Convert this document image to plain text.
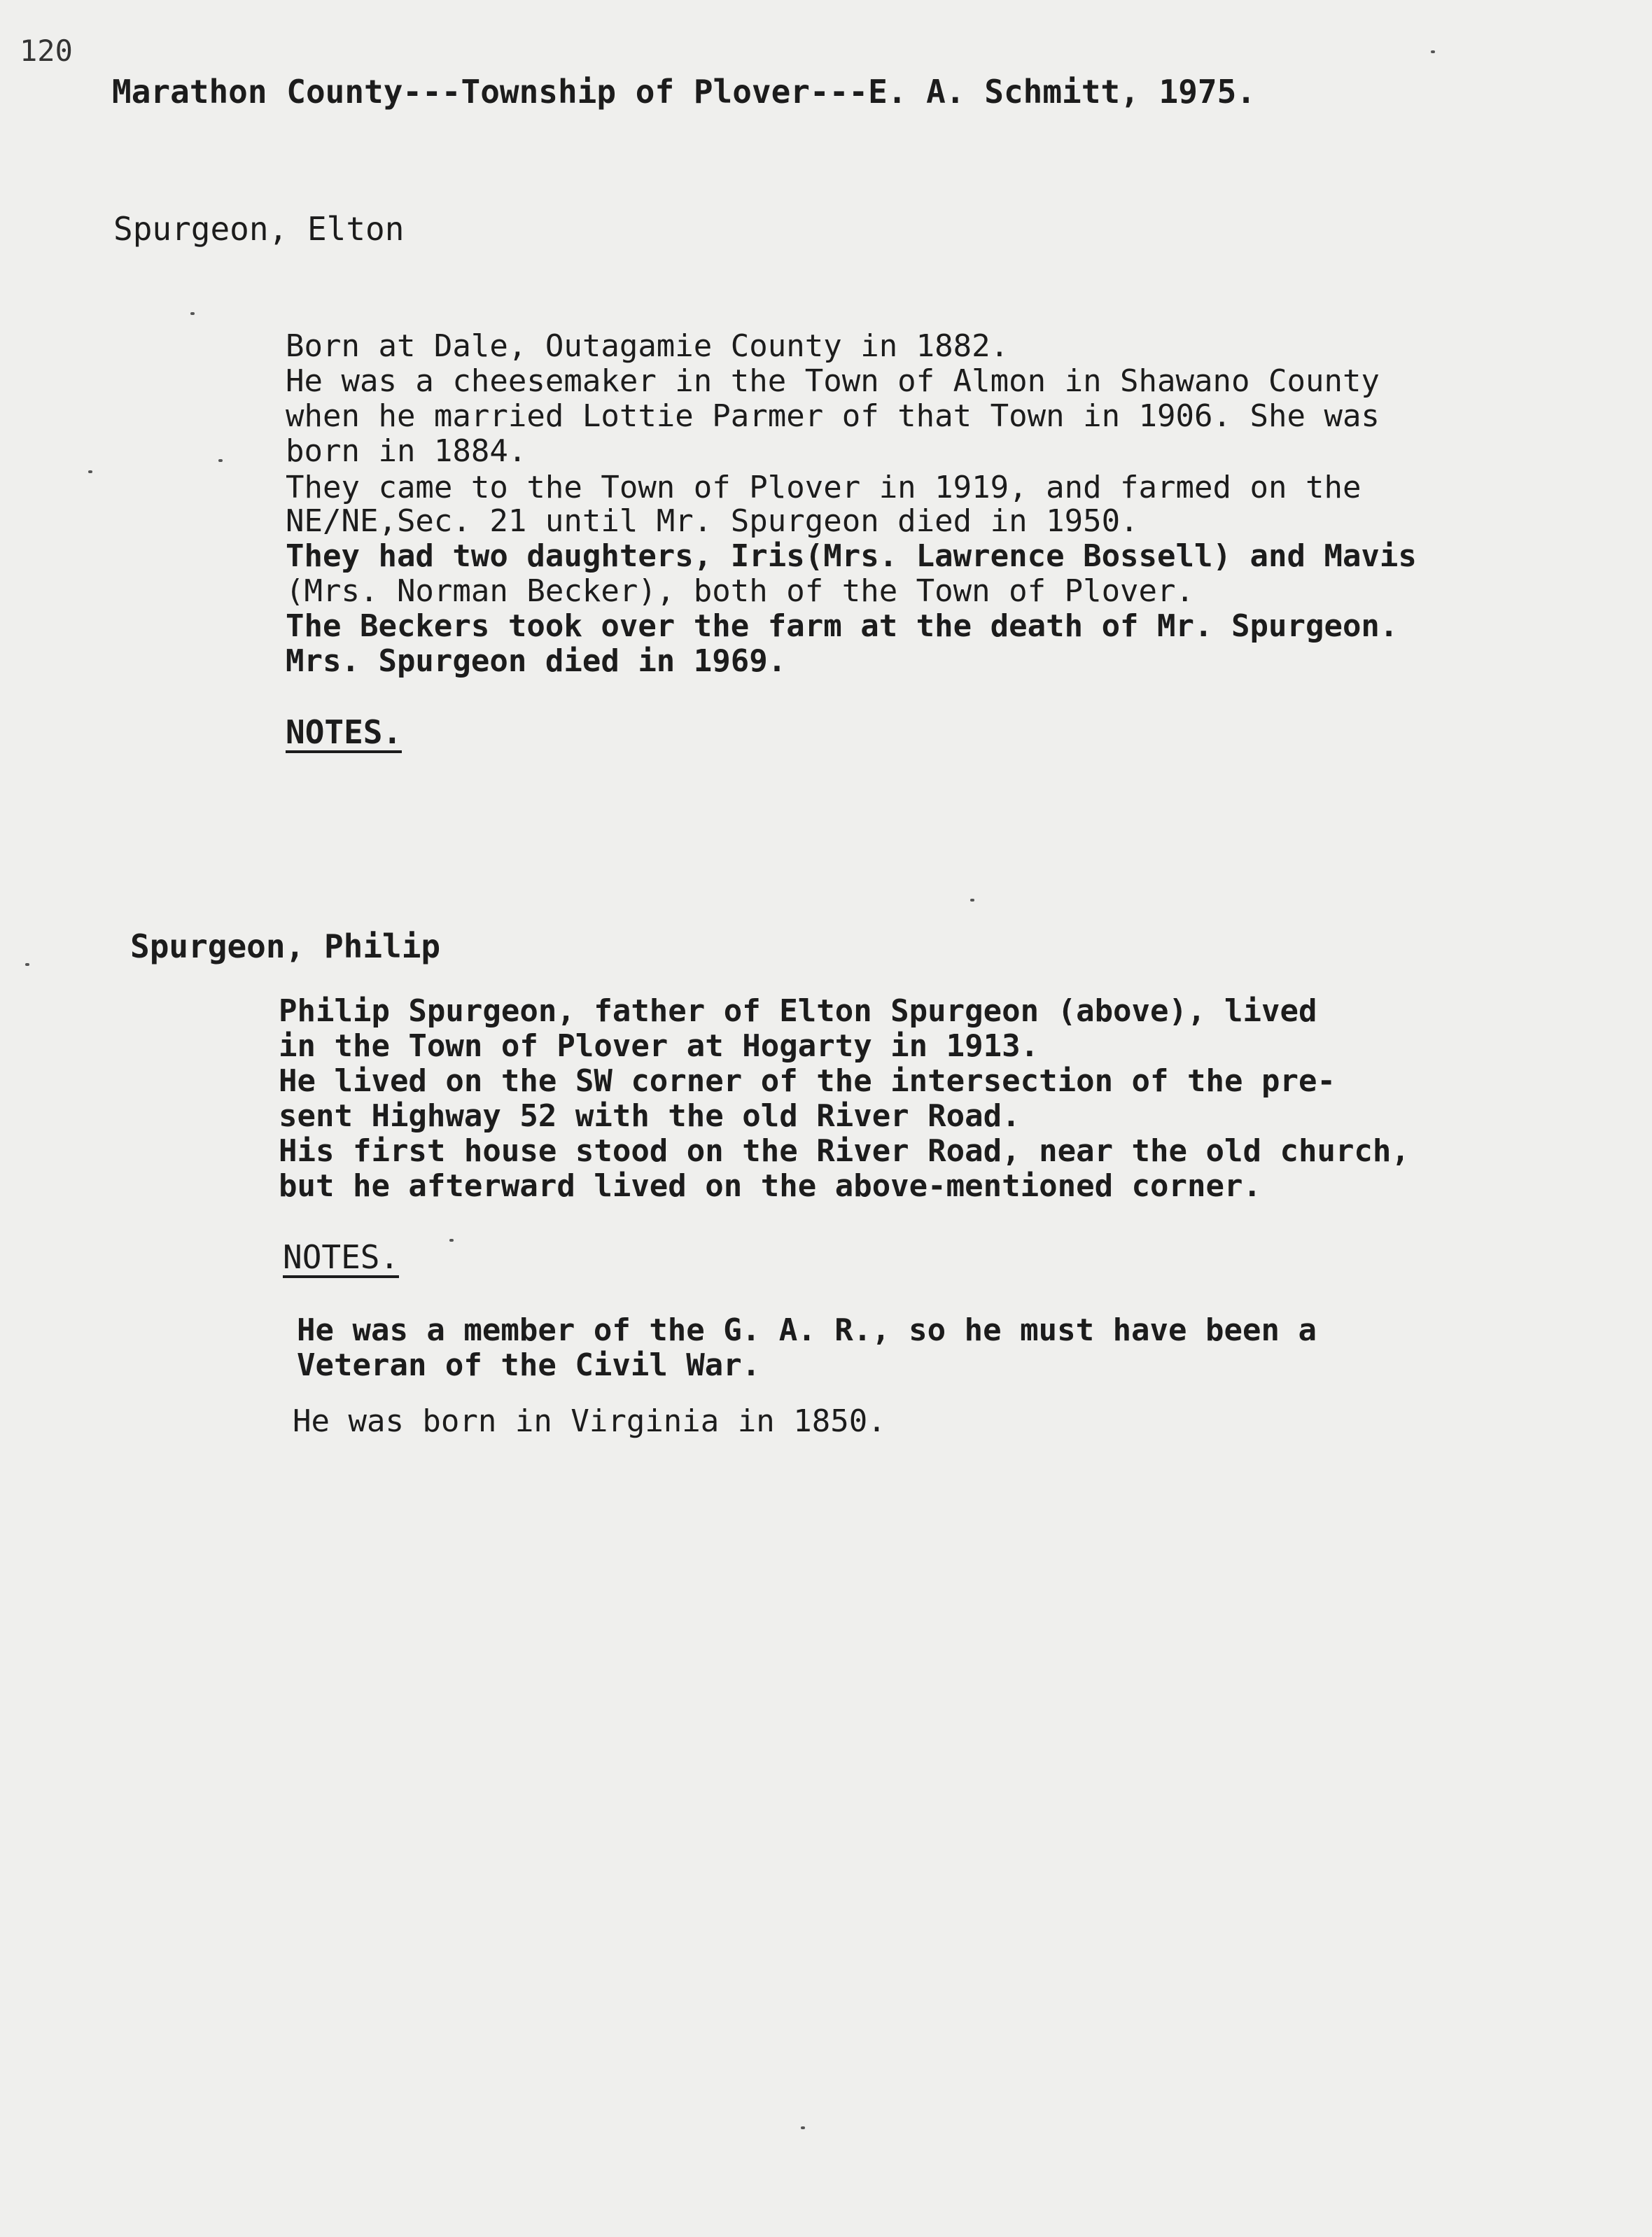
120
Marathon County---Township of Plover---E. A. Schmitt, 1975.
Spurgeon, Elton
Born at Dale, Outagamie County in 1882.
He was a cheesemaker in the Town of Almon in Shawano County
when he married Lottie Parmer of that Town in 1906. She was
born in 1884.
They came to the Town of Plover in 1919, and farmed on the
NE/NE,Sec. 21 until Mr. Spurgeon died in 1950.
They had two daughters, Iris(Mrs. Lawrence Bossell) and Mavis
(Mrs. Norman Becker), both of the Town of Plover.
The Beckers took over the farm at the death of Mr. Spurgeon.
Mrs. Spurgeon died in 1969.
NOTES.
Spurgeon, Philip
Philip Spurgeon, father of Elton Spurgeon (above), lived
in the Town of Plover at Hogarty in 1913.
He lived on the SW corner of the intersection of the pre-
sent Highway 52 with the old River Road.
His first house stood on the River Road, near the old church,
but he afterward lived on the above-mentioned corner.
NOTES.
He was a member of the G. A. R., so he must have been a
Veteran of the Civil War.
He was born in Virginia in 1850.
